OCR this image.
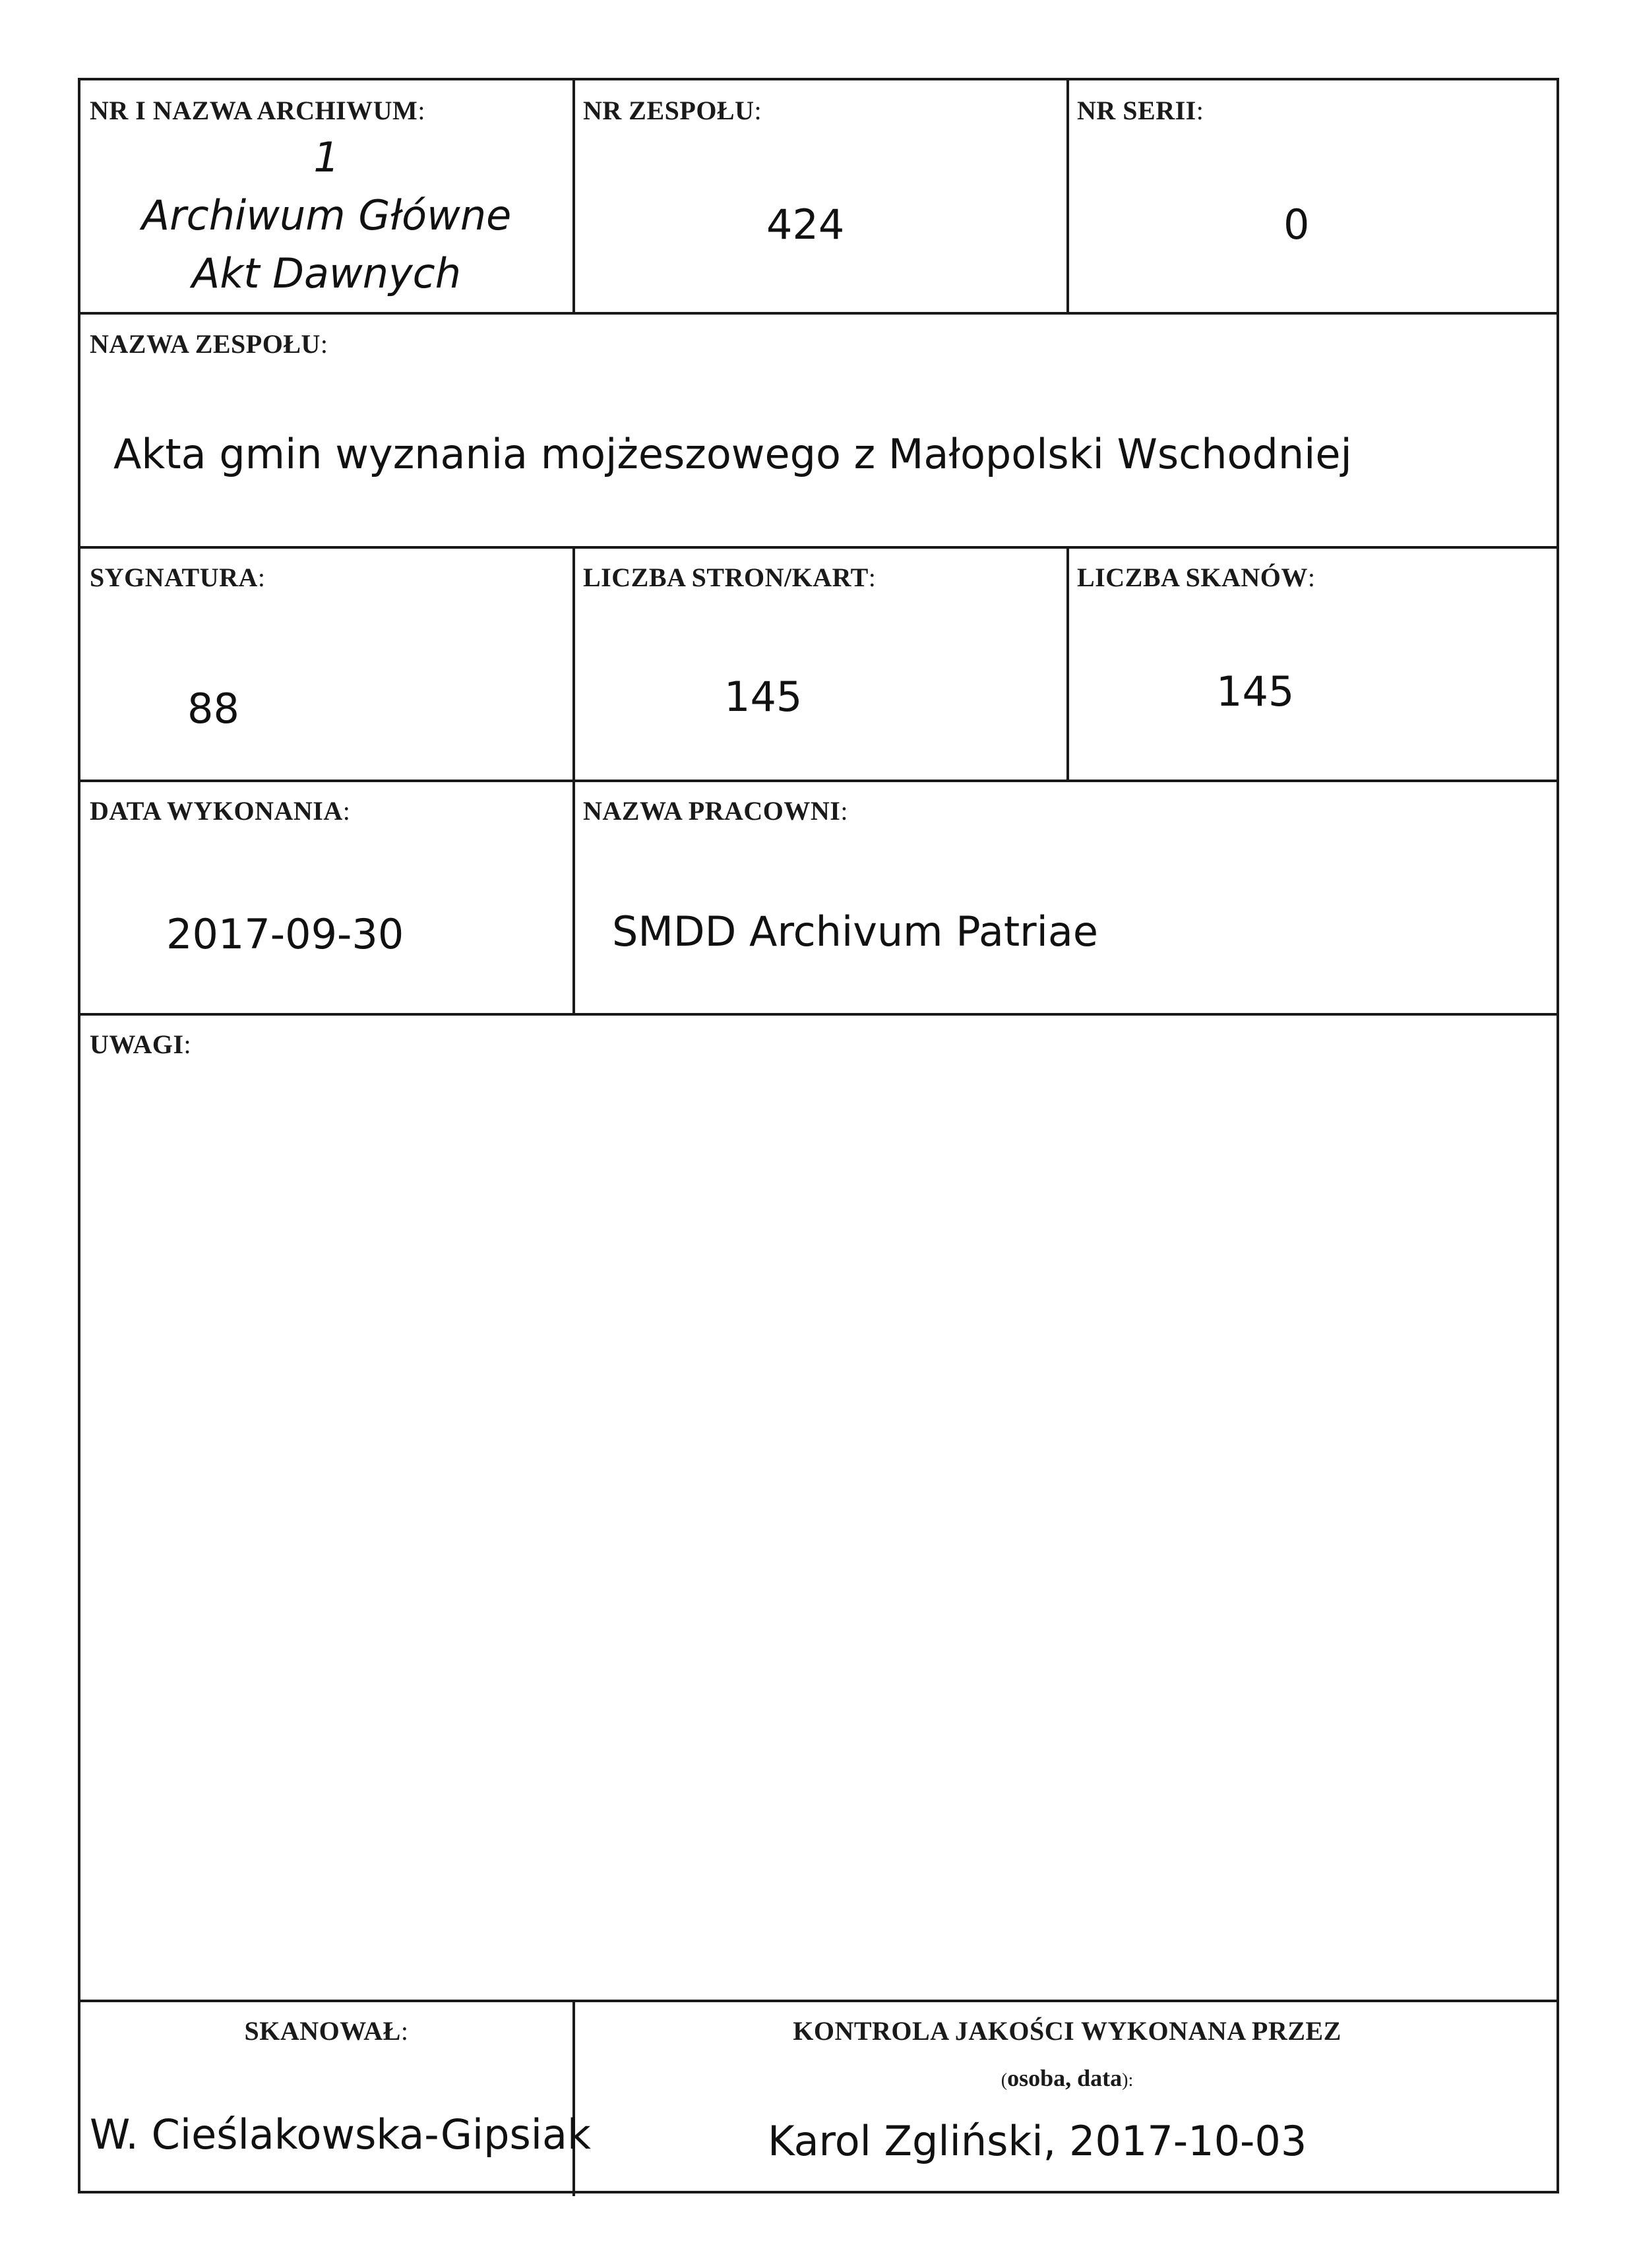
NR I NAZWA ARCHIWUM:
1
Archiwum Główne
Akt Dawnych
NR ZESPOŁU:
424
NR SERII:
0
NAZWA ZESPOŁU:
Akta gmin wyznania mojżeszowego z Małopolski Wschodniej
SYGNATURA:
88
LICZBA STRON/KART:
145
LICZBA SKANÓW:
145
DATA WYKONANIA:
2017-09-30
NAZWA PRACOWNI:
SMDD Archivum Patriae
UWAGI:
SKANOWAŁ:
W. Cieślakowska-Gipsiak
KONTROLA JAKOŚCI WYKONANA PRZEZ
(osoba, data):
Karol Zgliński, 2017-10-03
